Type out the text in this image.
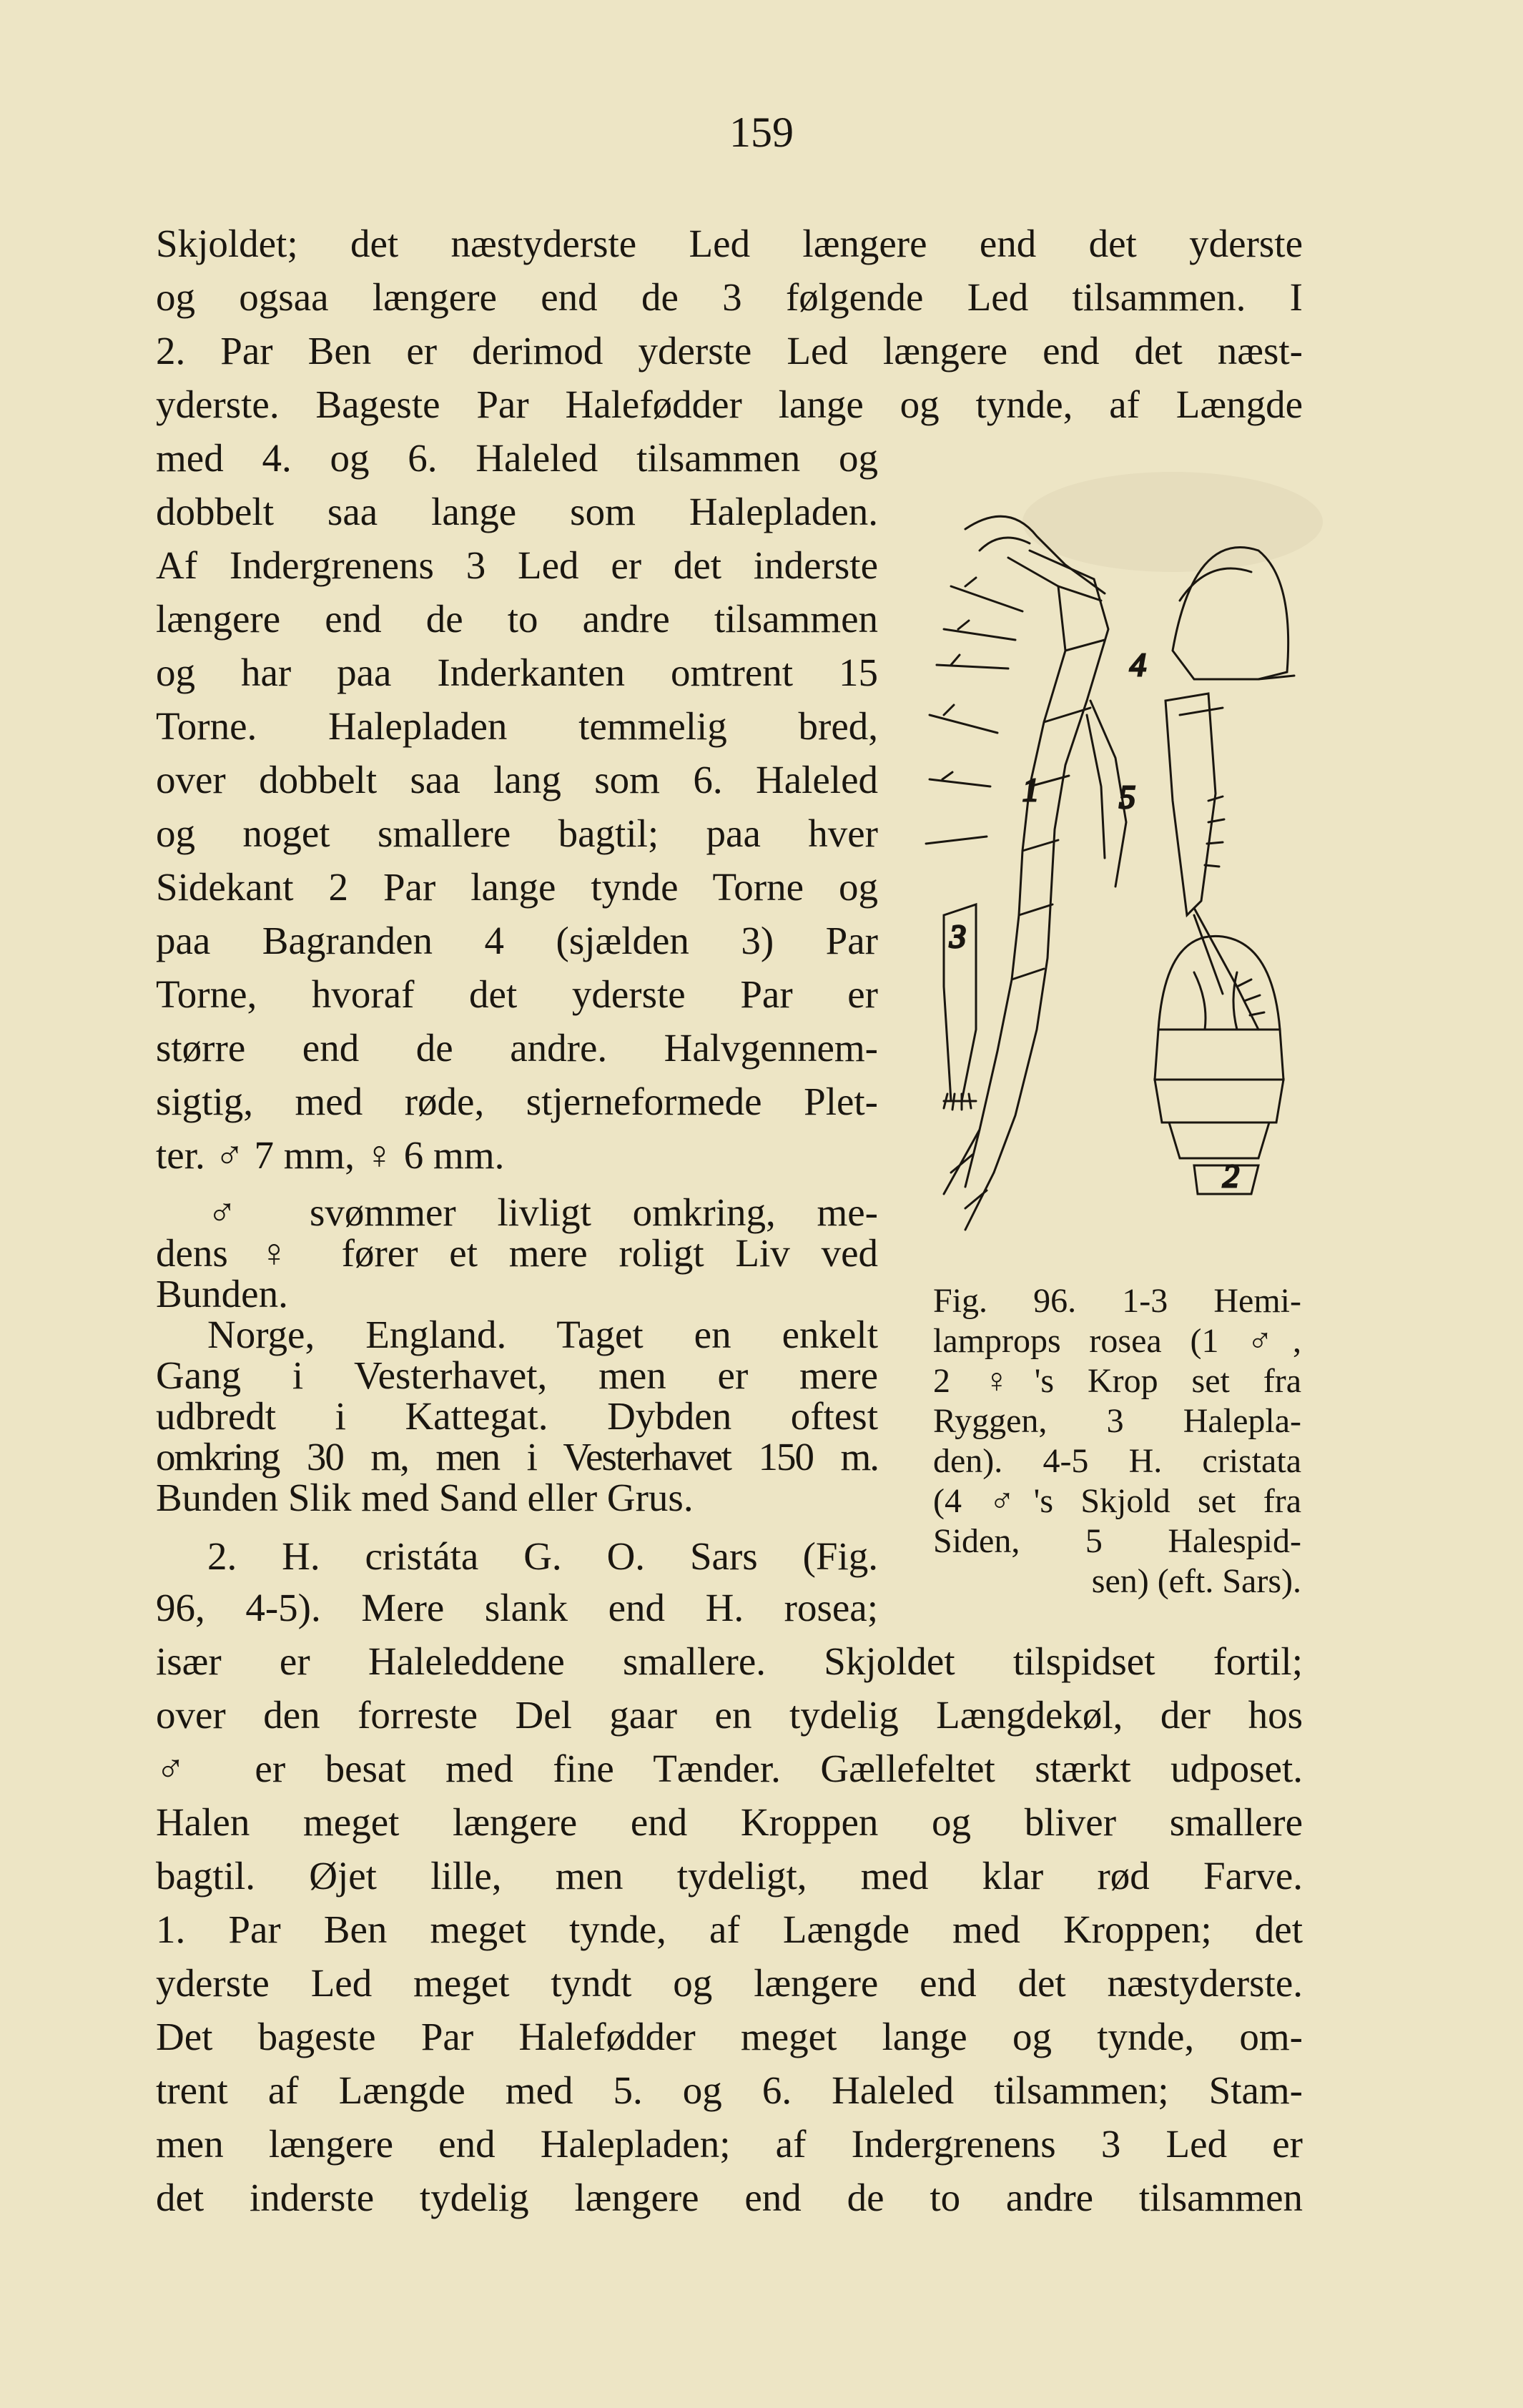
159
Skjoldet; det næstyderste Led længere end det yderste
og ogsaa længere end de 3 følgende Led tilsammen. I
2. Par Ben er derimod yderste Led længere end det næst-
yderste. Bageste Par Halefødder lange og tynde, af Længde
med 4. og 6. Haleled tilsammen og
dobbelt saa lange som Halepladen.
Af Indergrenens 3 Led er det inderste
længere end de to andre tilsammen
og har paa Inderkanten omtrent 15
Torne. Halepladen temmelig bred,
over dobbelt saa lang som 6. Haleled
og noget smallere bagtil; paa hver
Sidekant 2 Par lange tynde Torne og
paa Bagranden 4 (sjælden 3) Par
Torne, hvoraf det yderste Par er
større end de andre. Halvgennem-
sigtig, med røde, stjerneformede Plet-
ter. ♂ 7 mm, ♀ 6 mm.
♂ svømmer livligt omkring, me-
dens ♀ fører et mere roligt Liv ved
Bunden.
Norge, England. Taget en enkelt
Gang i Vesterhavet, men er mere
udbredt i Kattegat. Dybden oftest
omkring 30 m, men i Vesterhavet 150 m.
Bunden Slik med Sand eller Grus.
2. H. cristáta G. O. Sars (Fig.
96, 4-5). Mere slank end H. rosea;
især er Haleleddene smallere. Skjoldet tilspidset fortil;
over den forreste Del gaar en tydelig Længdekøl, der hos
♂ er besat med fine Tænder. Gællefeltet stærkt udposet.
Halen meget længere end Kroppen og bliver smallere
bagtil. Øjet lille, men tydeligt, med klar rød Farve.
1. Par Ben meget tynde, af Længde med Kroppen; det
yderste Led meget tyndt og længere end det næstyderste.
Det bageste Par Halefødder meget lange og tynde, om-
trent af Længde med 5. og 6. Haleled tilsammen; Stam-
men længere end Halepladen; af Indergrenens 3 Led er
det inderste tydelig længere end de to andre tilsammen
1
2
3
4
5
Fig. 96. 1-3 Hemi-
lamprops rosea (1 ♂,
2 ♀'s Krop set fra
Ryggen, 3 Halepla-
den). 4-5 H. cristata
(4 ♂'s Skjold set fra
Siden, 5 Halespid-
sen) (eft. Sars).
